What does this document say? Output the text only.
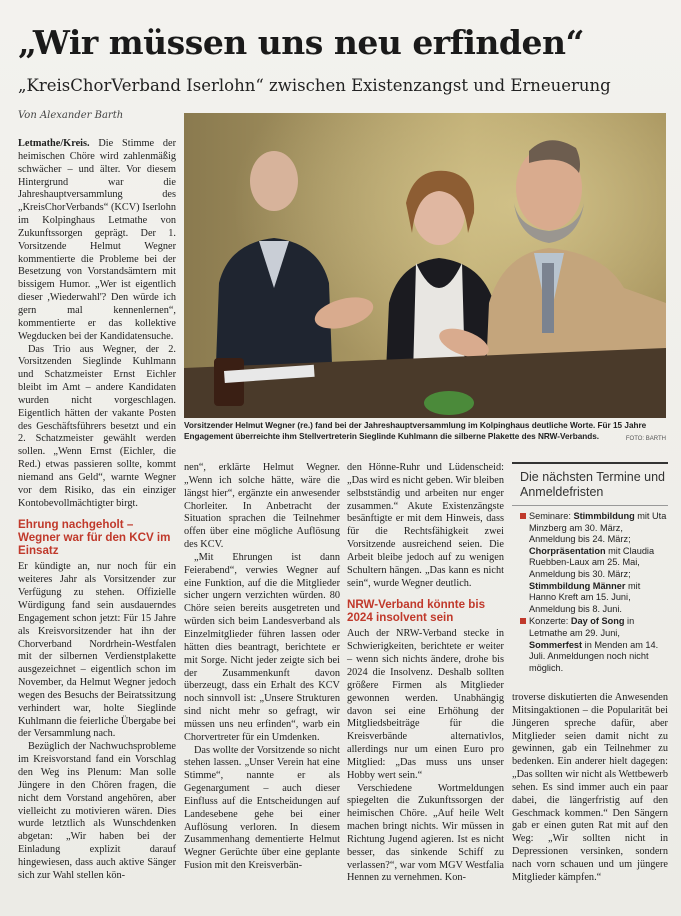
„Wir müssen uns neu erfinden“
„KreisChorVerband Iserlohn“ zwischen Existenzangst und Erneuerung
Von Alexander Barth

Letmathe/Kreis. Die Stimme der heimischen Chöre wird zahlenmäßig schwächer – und älter. Vor diesem Hintergrund war die Jahreshauptversammlung des „KreisChorVerbands“ (KCV) Iserlohn im Kolpinghaus Letmathe von Zukunftssorgen geprägt. Der 1. Vorsitzende Helmut Wegner kommentierte die Probleme bei der Besetzung von Vorstandsämtern mit bissigem Humor. „Wer ist eigentlich dieser ,Wiederwahl'? Den würde ich gern mal kennenlernen“, kommentierte er das kollektive Wegducken bei der Kandidatensuche.

Das Trio aus Wegner, der 2. Vorsitzenden Sieglinde Kuhlmann und Schatzmeister Ernst Eichler bleibt im Amt – andere Kandidaten wurden nicht vorgeschlagen. Eigentlich hätten der vakante Posten des Geschäftsführers besetzt und ein 2. Schatzmeister gewählt werden sollen. „Wenn Ernst (Eichler, die Red.) etwas passieren sollte, kommt niemand ans Geld“, warnte Wegner vor dem Risiko, das ein einziger Kontobevollmächtigter birgt.

Ehrung nachgeholt – Wegner war für den KCV im Einsatz

Er kündigte an, nur noch für ein weiteres Jahr als Vorsitzender zur Verfügung zu stehen. Offizielle Würdigung fand sein ausdauerndes Engagement schon jetzt: Für 15 Jahre als Kreisvorsitzender hat ihn der Chorverband Nordrhein-Westfalen mit der silbernen Verdienstplakette ausgezeichnet – eigentlich schon im November, da Helmut Wegner jedoch wegen des Besuchs der Beiratssitzung verhindert war, holte Sieglinde Kuhlmann die feierliche Übergabe bei der Versammlung nach.

Bezüglich der Nachwuchsprobleme im Kreisvorstand fand ein Vorschlag den Weg ins Plenum: Man solle Jüngere in den Chören fragen, die nicht dem Vorstand angehören, aber vielleicht zu motivieren wären. Dies wurde letztlich als Wunschdenken abgetan: „Wir haben bei der Einladung explizit darauf hingewiesen, dass auch aktive Sänger sich zur Wahl stellen kön-

Vorsitzender Helmut Wegner (re.) fand bei der Jahreshauptversammlung im Kolpinghaus deutliche Worte. Für 15 Jahre Engagement überreichte ihm Stellvertreterin Sieglinde Kuhlmann die silberne Plakette des NRW-Verbands.	FOTO: BARTH

nen“, erklärte Helmut Wegner. „Wenn ich solche hätte, wäre die längst hier“, ergänzte ein anwesender Chorleiter. In Anbetracht der Situation sprachen die Teilnehmer offen über eine mögliche Auflösung des KCV.

„Mit Ehrungen ist dann Feierabend“, verwies Wegner auf eine Funktion, auf die die Mitglieder sicher ungern verzichten würden. 80 Chöre seien bereits ausgetreten und würden sich beim Landesverband als Einzelmitglieder führen lassen oder hätten dies beantragt, berichtete er mit Sorge. Nicht jeder zeigte sich bei der Zusammenkunft davon überzeugt, dass ein Erhalt des KCV noch sinnvoll ist: „Unsere Strukturen sind nicht mehr so gefragt, wir müssen uns neu erfinden“, warb ein Chorvertreter für ein Umdenken.

Das wollte der Vorsitzende so nicht stehen lassen. „Unser Verein hat eine Stimme“, nannte er als Gegenargument – auch dieser Einfluss auf die Entscheidungen auf Landesebene gehe bei einer Auflösung verloren. In diesem Zusammenhang dementierte Helmut Wegner Gerüchte über eine geplante Fusion mit den Kreisverbän-

den Hönne-Ruhr und Lüdenscheid: „Das wird es nicht geben. Wir bleiben selbstständig und arbeiten nur enger zusammen.“ Akute Existenzängste besänftigte er mit dem Hinweis, dass für die Rechtsfähigkeit zwei Vorsitzende ausreichend seien. Die Arbeit bleibe jedoch auf zu wenigen Schultern hängen. „Das kann es nicht sein“, wurde Wegner deutlich.

NRW-Verband könnte bis 2024 insolvent sein

Auch der NRW-Verband stecke in Schwierigkeiten, berichtete er weiter – wenn sich nichts ändere, drohe bis 2024 die Insolvenz. Deshalb sollten größere Firmen als Mitglieder gewonnen werden. Unabhängig davon sei eine Erhöhung der Mitgliedsbeiträge für die Kreisverbände alternativlos, allerdings nur um einen Euro pro Mitglied: „Das muss uns unser Hobby wert sein.“

Verschiedene Wortmeldungen spiegelten die Zukunftssorgen der heimischen Chöre. „Auf heile Welt machen bringt nichts. Wir müssen in Richtung Jugend agieren. Ist es nicht besser, das sinkende Schiff zu verlassen?“, war vom MGV Westfalia Hennen zu vernehmen. Kon-

Die nächsten Termine und Anmeldefristen
Seminare: Stimmbildung mit Uta Minzberg am 30. März, Anmeldung bis 24. März; Chorpräsentation mit Claudia Ruebben-Laux am 25. Mai, Anmeldung bis 30. März; Stimmbildung Männer mit Hanno Kreft am 15. Juni, Anmeldung bis 8. Juni.
Konzerte: Day of Song in Letmathe am 29. Juni, Sommerfest in Menden am 14. Juli. Anmeldungen noch nicht möglich.

troverse diskutierten die Anwesenden Mitsingaktionen – die Popularität bei Jüngeren spreche dafür, aber Mitglieder seien damit nicht zu gewinnen, gab ein Teilnehmer zu bedenken. Ein anderer hielt dagegen: „Das sollten wir nicht als Wettbewerb sehen. Es sind immer auch ein paar dabei, die längerfristig auf den Geschmack kommen.“ Den Sängern gab er einen guten Rat mit auf den Weg: „Wir sollten nicht in Depressionen versinken, sondern nach vorn schauen und um jüngere Mitglieder kämpfen.“
